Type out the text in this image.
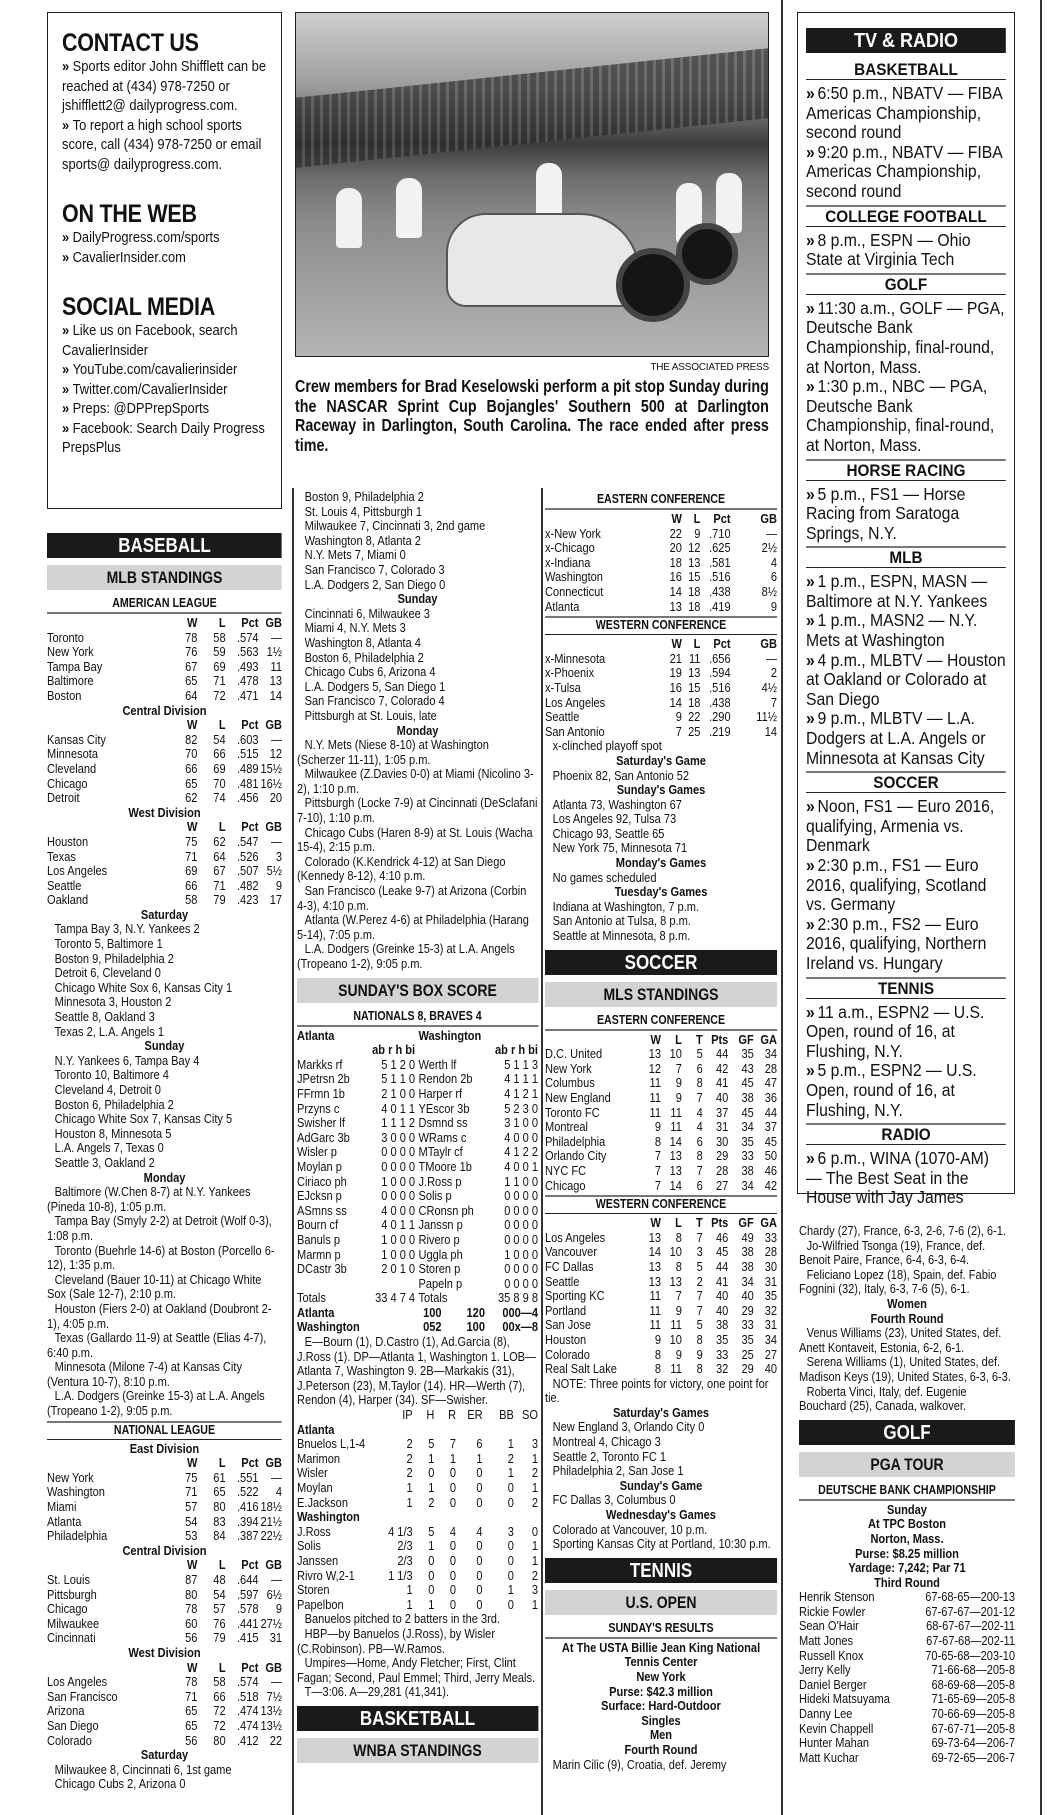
CONTACT US
» Sports editor John Shifflett can be reached at (434) 978-7250 or jshifflett2@ dailyprogress.com.
» To report a high school sports score, call (434) 978-7250 or email sports@ dailyprogress.com.
ON THE WEB
» DailyProgress.com/sports
» CavalierInsider.com
SOCIAL MEDIA
» Like us on Facebook, search CavalierInsider
» YouTube.com/cavalierinsider
» Twitter.com/CavalierInsider
» Preps: @DPPrepSports
» Facebook: Search Daily Progress PrepsPlus
BASEBALL
MLB STANDINGS
AMERICAN LEAGUE
	W	L	Pct	GB
Toronto	78	58	.574	—
New York	76	59	.563	1½
Tampa Bay	67	69	.493	11
Baltimore	65	71	.478	13
Boston	64	72	.471	14
Central Division
	W	L	Pct	GB
Kansas City	82	54	.603	—
Minnesota	70	66	.515	12
Cleveland	66	69	.489	15½
Chicago	65	70	.481	16½
Detroit	62	74	.456	20
West Division
	W	L	Pct	GB
Houston	75	62	.547	—
Texas	71	64	.526	3
Los Angeles	69	67	.507	5½
Seattle	66	71	.482	9
Oakland	58	79	.423	17
Saturday
Tampa Bay 3, N.Y. Yankees 2
Toronto 5, Baltimore 1
Boston 9, Philadelphia 2
Detroit 6, Cleveland 0
Chicago White Sox 6, Kansas City 1
Minnesota 3, Houston 2
Seattle 8, Oakland 3
Texas 2, L.A. Angels 1
Sunday
N.Y. Yankees 6, Tampa Bay 4
Toronto 10, Baltimore 4
Cleveland 4, Detroit 0
Boston 6, Philadelphia 2
Chicago White Sox 7, Kansas City 5
Houston 8, Minnesota 5
L.A. Angels 7, Texas 0
Seattle 3, Oakland 2
Monday
Baltimore (W.Chen 8-7) at N.Y. Yankees (Pineda 10-8), 1:05 p.m.
Tampa Bay (Smyly 2-2) at Detroit (Wolf 0-3), 1:08 p.m.
Toronto (Buehrle 14-6) at Boston (Porcello 6-12), 1:35 p.m.
Cleveland (Bauer 10-11) at Chicago White Sox (Sale 12-7), 2:10 p.m.
Houston (Fiers 2-0) at Oakland (Doubront 2-1), 4:05 p.m.
Texas (Gallardo 11-9) at Seattle (Elias 4-7), 6:40 p.m.
Minnesota (Milone 7-4) at Kansas City (Ventura 10-7), 8:10 p.m.
L.A. Dodgers (Greinke 15-3) at L.A. Angels (Tropeano 1-2), 9:05 p.m.
NATIONAL LEAGUE
East Division
	W	L	Pct	GB
New York	75	61	.551	—
Washington	71	65	.522	4
Miami	57	80	.416	18½
Atlanta	54	83	.394	21½
Philadelphia	53	84	.387	22½
Central Division
	W	L	Pct	GB
St. Louis	87	48	.644	—
Pittsburgh	80	54	.597	6½
Chicago	78	57	.578	9
Milwaukee	60	76	.441	27½
Cincinnati	56	79	.415	31
West Division
	W	L	Pct	GB
Los Angeles	78	58	.574	—
San Francisco	71	66	.518	7½
Arizona	65	72	.474	13½
San Diego	65	72	.474	13½
Colorado	56	80	.412	22
Saturday
Milwaukee 8, Cincinnati 6, 1st game
Chicago Cubs 2, Arizona 0
THE ASSOCIATED PRESS
Crew members for Brad Keselowski perform a pit stop Sunday during the NASCAR Sprint Cup Bojangles' Southern 500 at Darlington Raceway in Darlington, South Carolina. The race ended after press time.
Boston 9, Philadelphia 2
St. Louis 4, Pittsburgh 1
Milwaukee 7, Cincinnati 3, 2nd game
Washington 8, Atlanta 2
N.Y. Mets 7, Miami 0
San Francisco 7, Colorado 3
L.A. Dodgers 2, San Diego 0
Sunday
Cincinnati 6, Milwaukee 3
Miami 4, N.Y. Mets 3
Washington 8, Atlanta 4
Boston 6, Philadelphia 2
Chicago Cubs 6, Arizona 4
L.A. Dodgers 5, San Diego 1
San Francisco 7, Colorado 4
Pittsburgh at St. Louis, late
Monday
N.Y. Mets (Niese 8-10) at Washington (Scherzer 11-11), 1:05 p.m.
Milwaukee (Z.Davies 0-0) at Miami (Nicolino 3-2), 1:10 p.m.
Pittsburgh (Locke 7-9) at Cincinnati (DeSclafani 7-10), 1:10 p.m.
Chicago Cubs (Haren 8-9) at St. Louis (Wacha 15-4), 2:15 p.m.
Colorado (K.Kendrick 4-12) at San Diego (Kennedy 8-12), 4:10 p.m.
San Francisco (Leake 9-7) at Arizona (Corbin 4-3), 4:10 p.m.
Atlanta (W.Perez 4-6) at Philadelphia (Harang 5-14), 7:05 p.m.
L.A. Dodgers (Greinke 15-3) at L.A. Angels (Tropeano 1-2), 9:05 p.m.
SUNDAY'S BOX SCORE
NATIONALS 8, BRAVES 4
Atlanta		Washington	
	ab r h bi		ab r h bi
Markks rf	5 1 2 0	Werth lf	5 1 1 3
JPetrsn 2b	5 1 1 0	Rendon 2b	4 1 1 1
FFrmn 1b	2 1 0 0	Harper rf	4 1 2 1
Przyns c	4 0 1 1	YEscor 3b	5 2 3 0
Swisher lf	1 1 1 2	Dsmnd ss	3 1 0 0
AdGarc 3b	3 0 0 0	WRams c	4 0 0 0
Wisler p	0 0 0 0	MTaylr cf	4 1 2 2
Moylan p	0 0 0 0	TMoore 1b	4 0 0 1
Ciriaco ph	1 0 0 0	J.Ross p	1 1 0 0
EJcksn p	0 0 0 0	Solis p	0 0 0 0
ASmns ss	4 0 0 0	CRonsn ph	0 0 0 0
Bourn cf	4 0 1 1	Janssn p	0 0 0 0
Banuls p	1 0 0 0	Rivero p	0 0 0 0
Marmn p	1 0 0 0	Uggla ph	1 0 0 0
DCastr 3b	2 0 1 0	Storen p	0 0 0 0
		Papeln p	0 0 0 0
Totals	33 4 7 4	Totals	35 8 9 8
Atlanta	100	120	000—4
Washington	052	100	00x—8
E—Bourn (1), D.Castro (1), Ad.Garcia (8), J.Ross (1). DP—Atlanta 1, Washington 1. LOB—Atlanta 7, Washington 9. 2B—Markakis (31), J.Peterson (23), M.Taylor (14). HR—Werth (7), Rendon (4), Harper (34). SF—Swisher.
	IP	H	R	ER	BB	SO
Atlanta						
Bnuelos L,1-4	2	5	7	6	1	3
Marimon	2	1	1	1	2	1
Wisler	2	0	0	0	1	2
Moylan	1	1	0	0	0	1
E.Jackson	1	2	0	0	0	2
Washington						
J.Ross	4 1/3	5	4	4	3	0
Solis	2/3	1	0	0	0	1
Janssen	2/3	0	0	0	0	1
Rivro W,2-1	1 1/3	0	0	0	0	2
Storen	1	0	0	0	1	3
Papelbon	1	1	0	0	0	1
Banuelos pitched to 2 batters in the 3rd.
HBP—by Banuelos (J.Ross), by Wisler (C.Robinson). PB—W.Ramos.
Umpires—Home, Andy Fletcher; First, Clint Fagan; Second, Paul Emmel; Third, Jerry Meals.
T—3:06. A—29,281 (41,341).
BASKETBALL
WNBA STANDINGS
EASTERN CONFERENCE
	W	L	Pct	GB
x-New York	22	9	.710	—
x-Chicago	20	12	.625	2½
x-Indiana	18	13	.581	4
Washington	16	15	.516	6
Connecticut	14	18	.438	8½
Atlanta	13	18	.419	9
WESTERN CONFERENCE
	W	L	Pct	GB
x-Minnesota	21	11	.656	—
x-Phoenix	19	13	.594	2
x-Tulsa	16	15	.516	4½
Los Angeles	14	18	.438	7
Seattle	9	22	.290	11½
San Antonio	7	25	.219	14
x-clinched playoff spot
Saturday's Game
Phoenix 82, San Antonio 52
Sunday's Games
Atlanta 73, Washington 67
Los Angeles 92, Tulsa 73
Chicago 93, Seattle 65
New York 75, Minnesota 71
Monday's Games
No games scheduled
Tuesday's Games
Indiana at Washington, 7 p.m.
San Antonio at Tulsa, 8 p.m.
Seattle at Minnesota, 8 p.m.
SOCCER
MLS STANDINGS
EASTERN CONFERENCE
	W	L	T	Pts	GF	GA
D.C. United	13	10	5	44	35	34
New York	12	7	6	42	43	28
Columbus	11	9	8	41	45	47
New England	11	9	7	40	38	36
Toronto FC	11	11	4	37	45	44
Montreal	9	11	4	31	34	37
Philadelphia	8	14	6	30	35	45
Orlando City	7	13	8	29	33	50
NYC FC	7	13	7	28	38	46
Chicago	7	14	6	27	34	42
WESTERN CONFERENCE
	W	L	T	Pts	GF	GA
Los Angeles	13	8	7	46	49	33
Vancouver	14	10	3	45	38	28
FC Dallas	13	8	5	44	38	30
Seattle	13	13	2	41	34	31
Sporting KC	11	7	7	40	40	35
Portland	11	9	7	40	29	32
San Jose	11	11	5	38	33	31
Houston	9	10	8	35	35	34
Colorado	8	9	9	33	25	27
Real Salt Lake	8	11	8	32	29	40
NOTE: Three points for victory, one point for tie.
Saturday's Games
New England 3, Orlando City 0
Montreal 4, Chicago 3
Seattle 2, Toronto FC 1
Philadelphia 2, San Jose 1
Sunday's Game
FC Dallas 3, Columbus 0
Wednesday's Games
Colorado at Vancouver, 10 p.m.
Sporting Kansas City at Portland, 10:30 p.m.
TENNIS
U.S. OPEN
SUNDAY'S RESULTS
At The USTA Billie Jean King National Tennis Center
New York
Purse: $42.3 million
Surface: Hard-Outdoor
Singles
Men
Fourth Round
Marin Cilic (9), Croatia, def. Jeremy
TV & RADIO
BASKETBALL
» 6:50 p.m., NBATV — FIBA Americas Championship, second round
» 9:20 p.m., NBATV — FIBA Americas Championship, second round
COLLEGE FOOTBALL
» 8 p.m., ESPN — Ohio State at Virginia Tech
GOLF
» 11:30 a.m., GOLF — PGA, Deutsche Bank Championship, final-round, at Norton, Mass.
» 1:30 p.m., NBC — PGA, Deutsche Bank Championship, final-round, at Norton, Mass.
HORSE RACING
» 5 p.m., FS1 — Horse Racing from Saratoga Springs, N.Y.
MLB
» 1 p.m., ESPN, MASN — Baltimore at N.Y. Yankees
» 1 p.m., MASN2 — N.Y. Mets at Washington
» 4 p.m., MLBTV — Houston at Oakland or Colorado at San Diego
» 9 p.m., MLBTV — L.A. Dodgers at L.A. Angels or Minnesota at Kansas City
SOCCER
» Noon, FS1 — Euro 2016, qualifying, Armenia vs. Denmark
» 2:30 p.m., FS1 — Euro 2016, qualifying, Scotland vs. Germany
» 2:30 p.m., FS2 — Euro 2016, qualifying, Northern Ireland vs. Hungary
TENNIS
» 11 a.m., ESPN2 — U.S. Open, round of 16, at Flushing, N.Y.
» 5 p.m., ESPN2 — U.S. Open, round of 16, at Flushing, N.Y.
RADIO
» 6 p.m., WINA (1070-AM) — The Best Seat in the House with Jay James
Chardy (27), France, 6-3, 2-6, 7-6 (2), 6-1.
Jo-Wilfried Tsonga (19), France, def. Benoit Paire, France, 6-4, 6-3, 6-4.
Feliciano Lopez (18), Spain, def. Fabio Fognini (32), Italy, 6-3, 7-6 (5), 6-1.
Women
Fourth Round
Venus Williams (23), United States, def. Anett Kontaveit, Estonia, 6-2, 6-1.
Serena Williams (1), United States, def. Madison Keys (19), United States, 6-3, 6-3.
Roberta Vinci, Italy, def. Eugenie Bouchard (25), Canada, walkover.
GOLF
PGA TOUR
DEUTSCHE BANK CHAMPIONSHIP
Sunday
At TPC Boston
Norton, Mass.
Purse: $8.25 million
Yardage: 7,242; Par 71
Third Round
Henrik Stenson	67-68-65—200-13
Rickie Fowler	67-67-67—201-12
Sean O'Hair	68-67-67—202-11
Matt Jones	67-67-68—202-11
Russell Knox	70-65-68—203-10
Jerry Kelly	71-66-68—205-8
Daniel Berger	68-69-68—205-8
Hideki Matsuyama	71-65-69—205-8
Danny Lee	70-66-69—205-8
Kevin Chappell	67-67-71—205-8
Hunter Mahan	69-73-64—206-7
Matt Kuchar	69-72-65—206-7
